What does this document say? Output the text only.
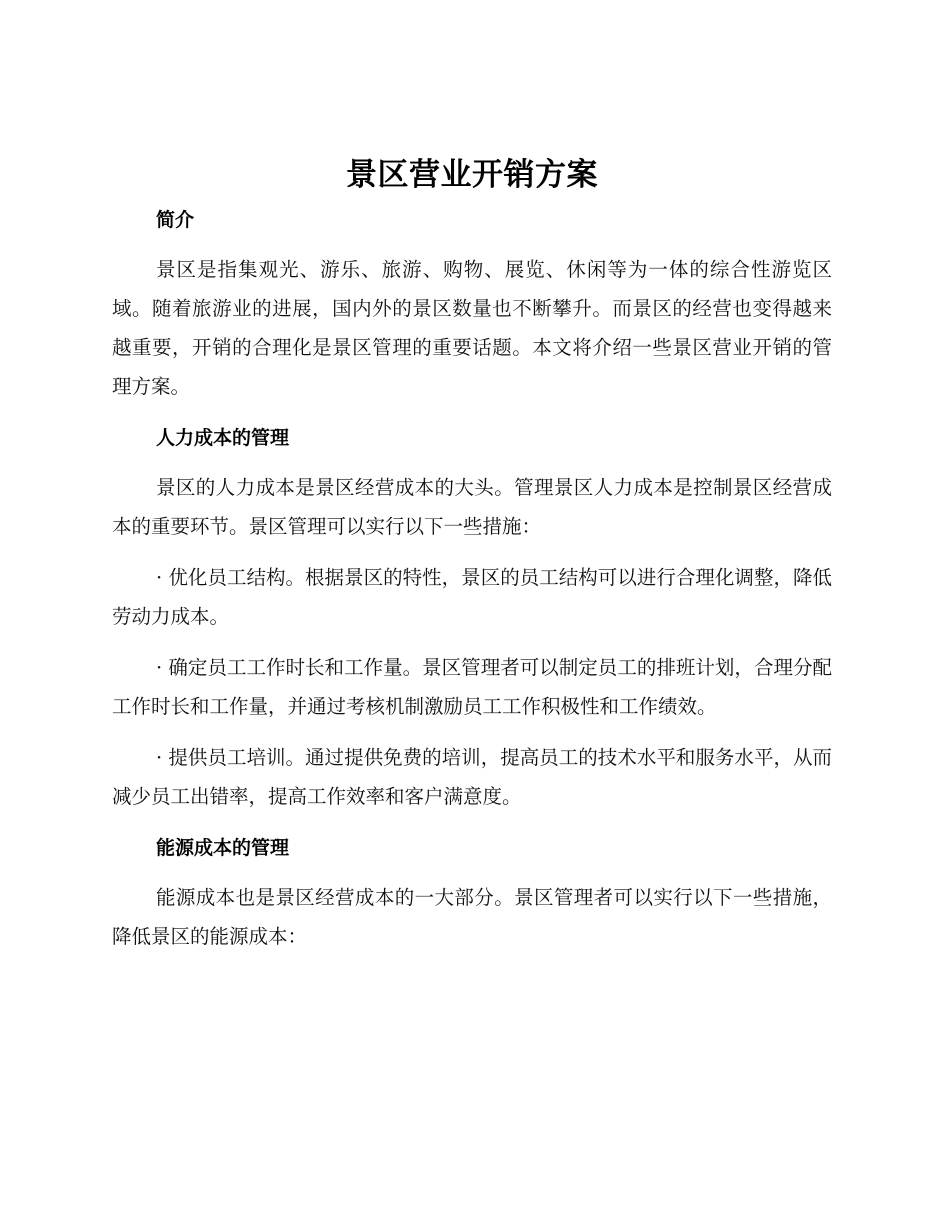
景区营业开销方案
简介

景区是指集观光、游乐、旅游、购物、展览、休闲等为一体的综合性游览区域。随着旅游业的进展，国内外的景区数量也不断攀升。而景区的经营也变得越来越重要，开销的合理化是景区管理的重要话题。本文将介绍一些景区营业开销的管理方案。

人力成本的管理

景区的人力成本是景区经营成本的大头。管理景区人力成本是控制景区经营成本的重要环节。景区管理可以实行以下一些措施：

· 优化员工结构。根据景区的特性，景区的员工结构可以进行合理化调整，降低劳动力成本。

· 确定员工工作时长和工作量。景区管理者可以制定员工的排班计划，合理分配工作时长和工作量，并通过考核机制激励员工工作积极性和工作绩效。

· 提供员工培训。通过提供免费的培训，提高员工的技术水平和服务水平，从而减少员工出错率，提高工作效率和客户满意度。

能源成本的管理

能源成本也是景区经营成本的一大部分。景区管理者可以实行以下一些措施，降低景区的能源成本：
